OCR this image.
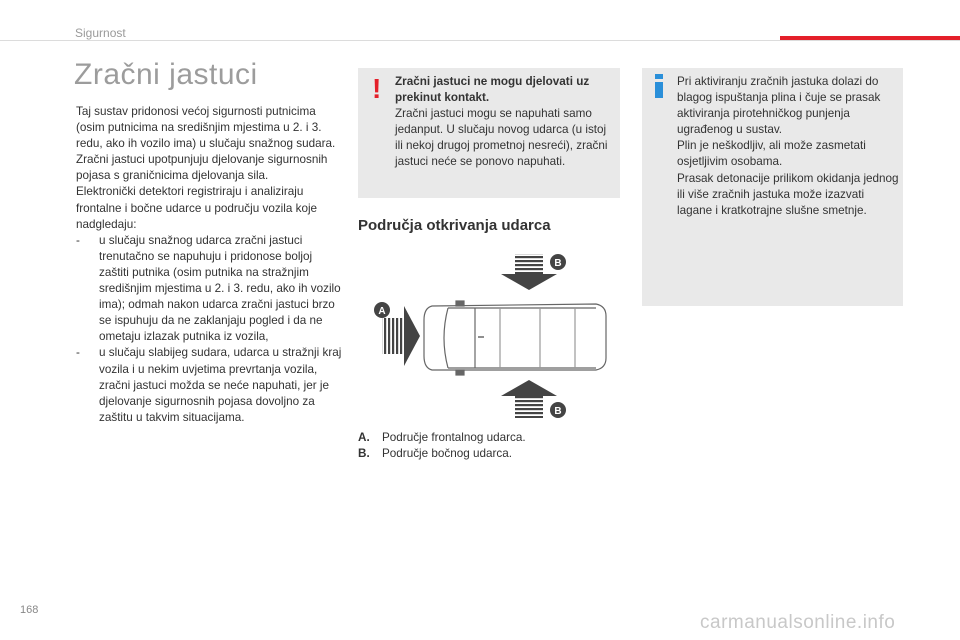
Sigurnost
Zračni jastuci

Taj sustav pridonosi većoj sigurnosti putnicima (osim putnicima na središnjim mjestima u 2. i 3. redu, ako ih vozilo ima) u slučaju snažnog sudara. Zračni jastuci upotpunjuju djelovanje sigurnosnih pojasa s graničnicima djelovanja sila.

Elektronički detektori registriraju i analiziraju frontalne i bočne udarce u području vozila koje nadgledaju:

-	u slučaju snažnog udarca zračni jastuci trenutačno se napuhuju i pridonose boljoj zaštiti putnika (osim putnika na stražnjim središnjim mjestima u 2. i 3. redu, ako ih vozilo ima); odmah nakon udarca zračni jastuci brzo se ispuhuju da ne zaklanjaju pogled i da ne ometaju izlazak putnika iz vozila,
-	u slučaju slabijeg sudara, udarca u stražnji kraj vozila i u nekim uvjetima prevrtanja vozila, zračni jastuci možda se neće napuhati, jer je djelovanje sigurnosnih pojasa dovoljno za zaštitu u takvim situacijama.
! Zračni jastuci ne mogu djelovati uz prekinut kontakt.
Zračni jastuci mogu se napuhati samo jedanput. U slučaju novog udarca (u istoj ili nekoj drugoj prometnoj nesreći), zračni jastuci neće se ponovo napuhati.

Pri aktiviranju zračnih jastuka dolazi do blagog ispuštanja plina i čuje se prasak aktiviranja pirotehničkog punjenja ugrađenog u sustav.

Plin je neškodljiv, ali može zasmetati osjetljivim osobama.

Prasak detonacije prilikom okidanja jednog ili više zračnih jastuka može izazvati lagane i kratkotrajne slušne smetnje.

Područja otkrivanja udarca
B
A
B
A.	Područje frontalnog udarca.
B.	Područje bočnog udarca.
168
carmanualsonline.info
